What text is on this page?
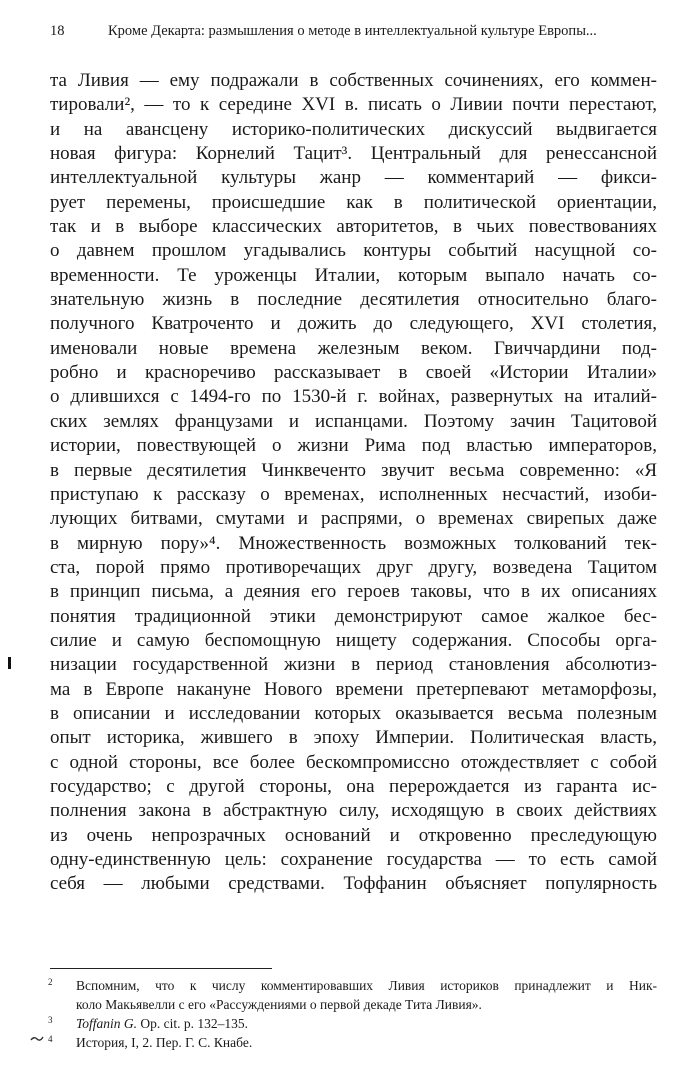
18	Кроме Декарта: размышления о методе в интеллектуальной культуре Европы...
та Ливия — ему подражали в собственных сочинениях, его коммен-
тировали², — то к середине XVI в. писать о Ливии почти перестают,
и на авансцену историко-политических дискуссий выдвигается
новая фигура: Корнелий Тацит³. Центральный для ренессансной
интеллектуальной культуры жанр — комментарий — фикси-
рует перемены, происшедшие как в политической ориентации,
так и в выборе классических авторитетов, в чьих повествованиях
о давнем прошлом угадывались контуры событий насущной со-
временности. Те уроженцы Италии, которым выпало начать со-
знательную жизнь в последние десятилетия относительно благо-
получного Кватроченто и дожить до следующего, XVI столетия,
именовали новые времена железным веком. Гвиччардини под-
робно и красноречиво рассказывает в своей «Истории Италии»
о длившихся с 1494-го по 1530-й г. войнах, развернутых на италий-
ских землях французами и испанцами. Поэтому зачин Тацитовой
истории, повествующей о жизни Рима под властью императоров,
в первые десятилетия Чинквеченто звучит весьма современно: «Я
приступаю к рассказу о временах, исполненных несчастий, изоби-
лующих битвами, смутами и распрями, о временах свирепых даже
в мирную пору»⁴. Множественность возможных толкований тек-
ста, порой прямо противоречащих друг другу, возведена Тацитом
в принцип письма, а деяния его героев таковы, что в их описаниях
понятия традиционной этики демонстрируют самое жалкое бес-
силие и самую беспомощную нищету содержания. Способы орга-
низации государственной жизни в период становления абсолютиз-
ма в Европе накануне Нового времени претерпевают метаморфозы,
в описании и исследовании которых оказывается весьма полезным
опыт историка, жившего в эпоху Империи. Политическая власть,
с одной стороны, все более бескомпромиссно отождествляет с собой
государство; с другой стороны, она перерождается из гаранта ис-
полнения закона в абстрактную силу, исходящую в своих действиях
из очень непрозрачных оснований и откровенно преследующую
одну-единственную цель: сохранение государства — то есть самой
себя — любыми средствами. Тоффанин объясняет популярность
2 Вспомним, что к числу комментировавших Ливия историков принадлежит и Ник-
коло Макьявелли с его «Рассуждениями о первой декаде Тита Ливия».
3 Toffanin G. Op. cit. p. 132–135.
4 История, I, 2. Пер. Г. С. Кнабе.
